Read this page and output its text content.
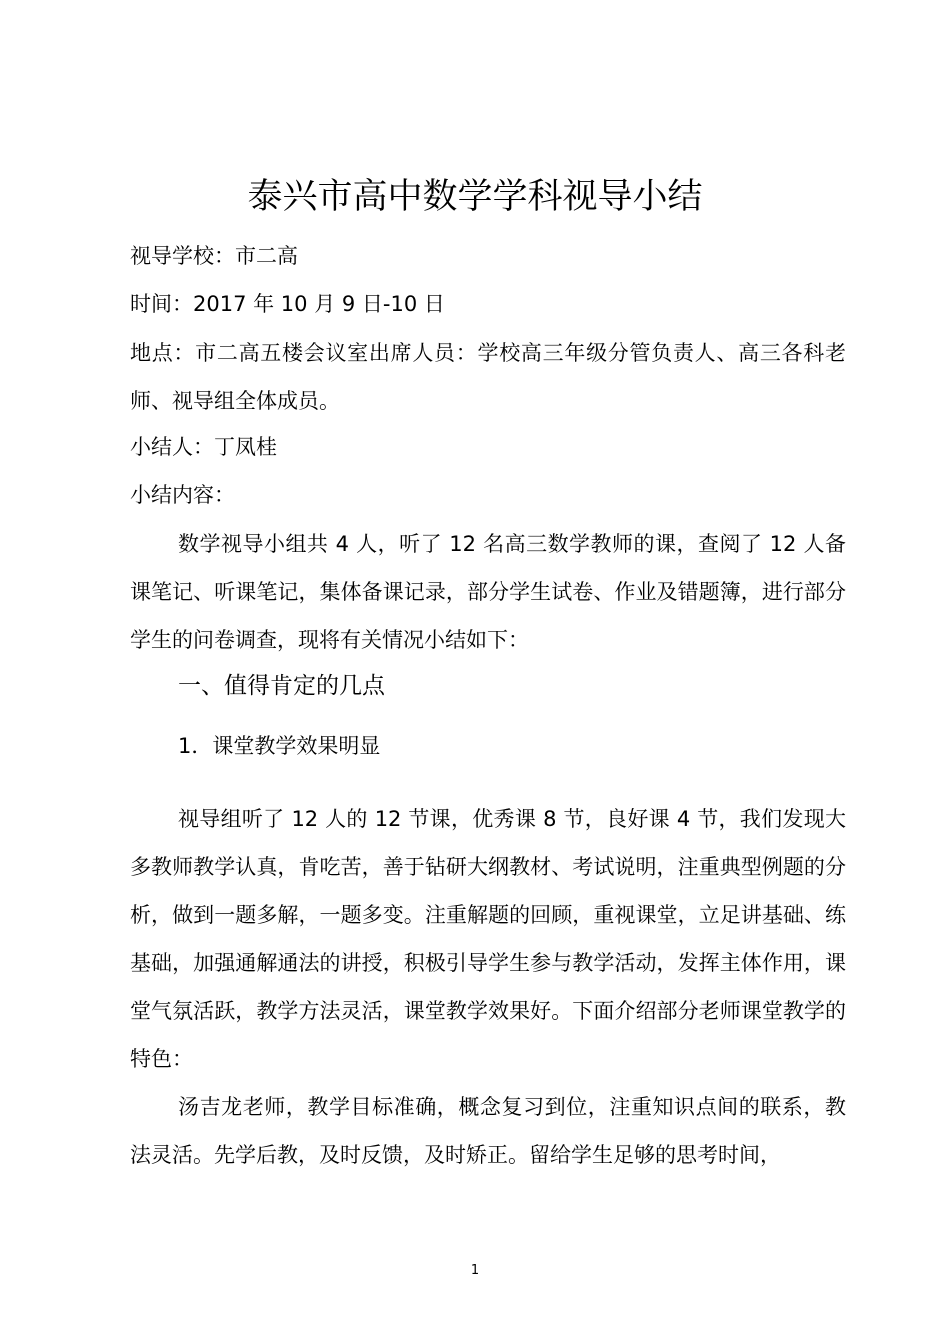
泰兴市高中数学学科视导小结
视导学校：市二高
时间：2017 年 10 月 9 日-10 日
地点：市二高五楼会议室出席人员：学校高三年级分管负责人、高三各科老师、视导组全体成员。
小结人：丁凤桂
小结内容：
数学视导小组共 4 人，听了 12 名高三数学教师的课，查阅了 12 人备课笔记、听课笔记，集体备课记录，部分学生试卷、作业及错题簿，进行部分学生的问卷调查，现将有关情况小结如下：
一、值得肯定的几点
1．课堂教学效果明显
视导组听了 12 人的 12 节课，优秀课 8 节，良好课 4 节，我们发现大多教师教学认真，肯吃苦，善于钻研大纲教材、考试说明，注重典型例题的分析，做到一题多解，一题多变。注重解题的回顾，重视课堂，立足讲基础、练基础，加强通解通法的讲授，积极引导学生参与教学活动，发挥主体作用，课堂气氛活跃，教学方法灵活，课堂教学效果好。下面介绍部分老师课堂教学的特色：
汤吉龙老师，教学目标准确，概念复习到位，注重知识点间的联系，教法灵活。先学后教，及时反馈，及时矫正。留给学生足够的思考时间，
1
